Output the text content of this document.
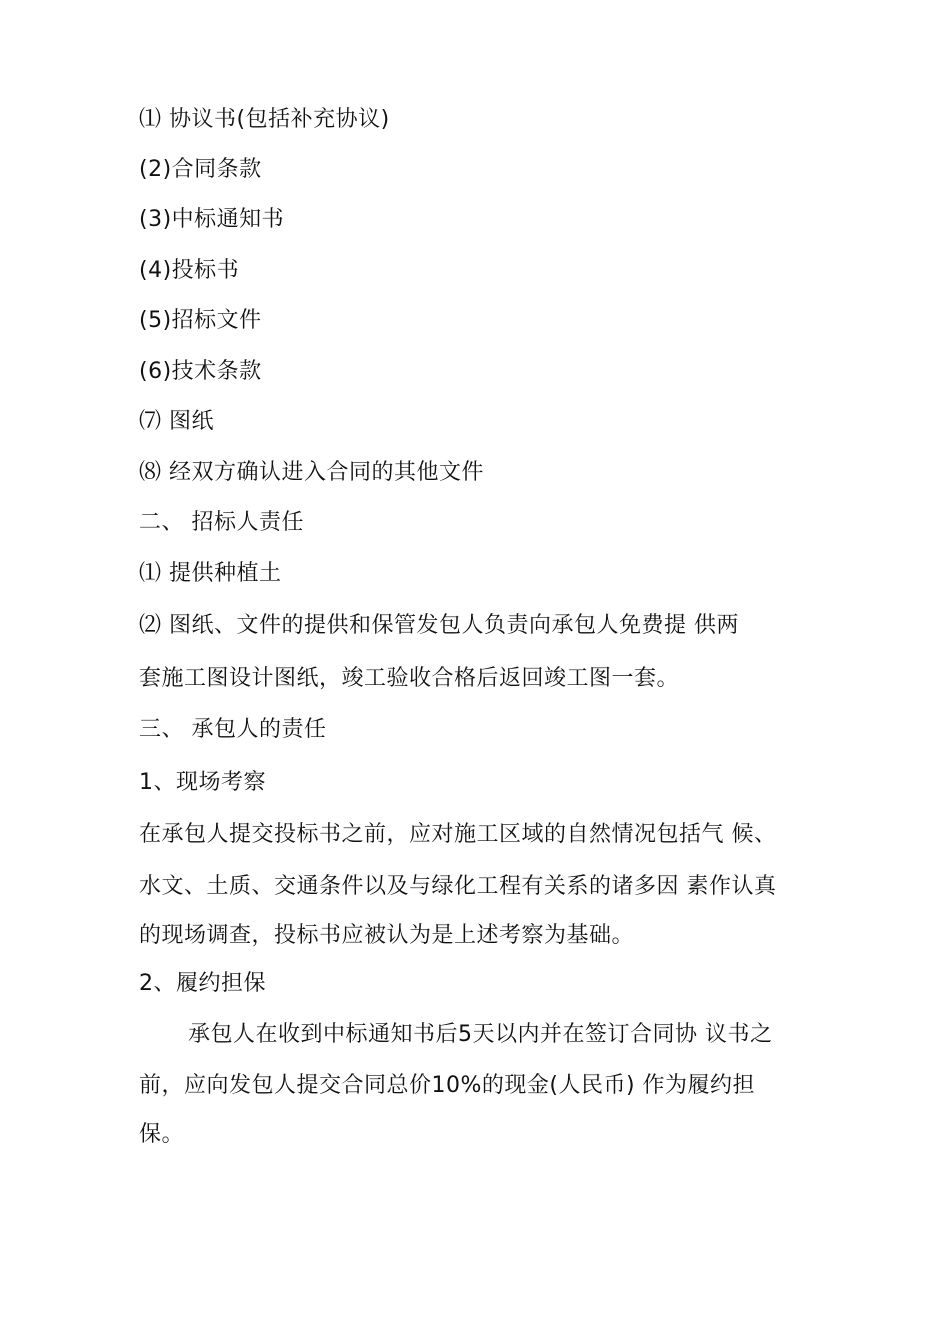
⑴ 协议书(包括补充协议)
(2)合同条款
(3)中标通知书
(4)投标书
(5)招标文件
(6)技术条款
⑺ 图纸
⑻ 经双方确认进入合同的其他文件
二、 招标人责任
⑴ 提供种植土
⑵ 图纸、文件的提供和保管发包人负责向承包人免费提 供两
套施工图设计图纸，竣工验收合格后返回竣工图一套。
三、 承包人的责任
1、现场考察
在承包人提交投标书之前，应对施工区域的自然情况包括气 候、
水文、土质、交通条件以及与绿化工程有关系的诸多因 素作认真
的现场调查，投标书应被认为是上述考察为基础。
2、履约担保
承包人在收到中标通知书后5天以内并在签订合同协 议书之
前，应向发包人提交合同总价10%的现金(人民币) 作为履约担
保。
